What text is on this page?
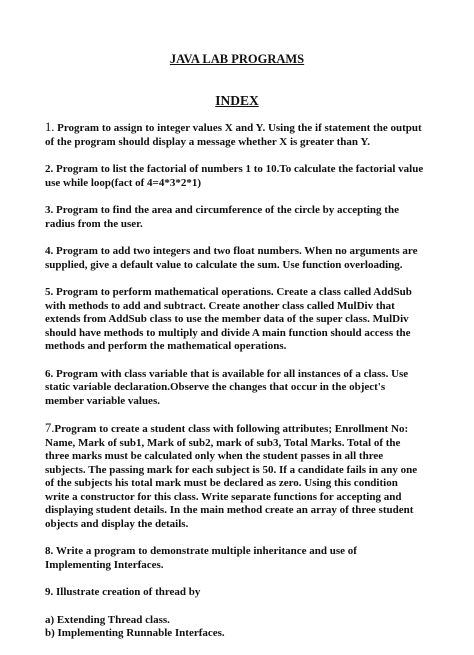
JAVA LAB PROGRAMS
INDEX
1. Program to assign to integer values X and Y. Using the if statement the output
of the program should display a message whether X is greater than Y.
2. Program to list the factorial of numbers 1 to 10.To calculate the factorial value
use while loop(fact of 4=4*3*2*1)
3. Program to find the area and circumference of the circle by accepting the
radius from the user.
4. Program to add two integers and two float numbers. When no arguments are
supplied, give a default value to calculate the sum. Use function overloading.
5. Program to perform mathematical operations. Create a class called AddSub
with methods to add and subtract. Create another class called MulDiv that
extends from AddSub class to use the member data of the super class. MulDiv
should have methods to multiply and divide A main function should access the
methods and perform the mathematical operations.
6. Program with class variable that is available for all instances of a class. Use
static variable declaration.Observe the changes that occur in the object's
member variable values.
7.Program to create a student class with following attributes; Enrollment No:
Name, Mark of sub1, Mark of sub2, mark of sub3, Total Marks. Total of the
three marks must be calculated only when the student passes in all three
subjects. The passing mark for each subject is 50. If a candidate fails in any one
of the subjects his total mark must be declared as zero. Using this condition
write a constructor for this class. Write separate functions for accepting and
displaying student details. In the main method create an array of three student
objects and display the details.
8. Write a program to demonstrate multiple inheritance and use of
Implementing Interfaces.
9. Illustrate creation of thread by
a) Extending Thread class.
b) Implementing Runnable Interfaces.
